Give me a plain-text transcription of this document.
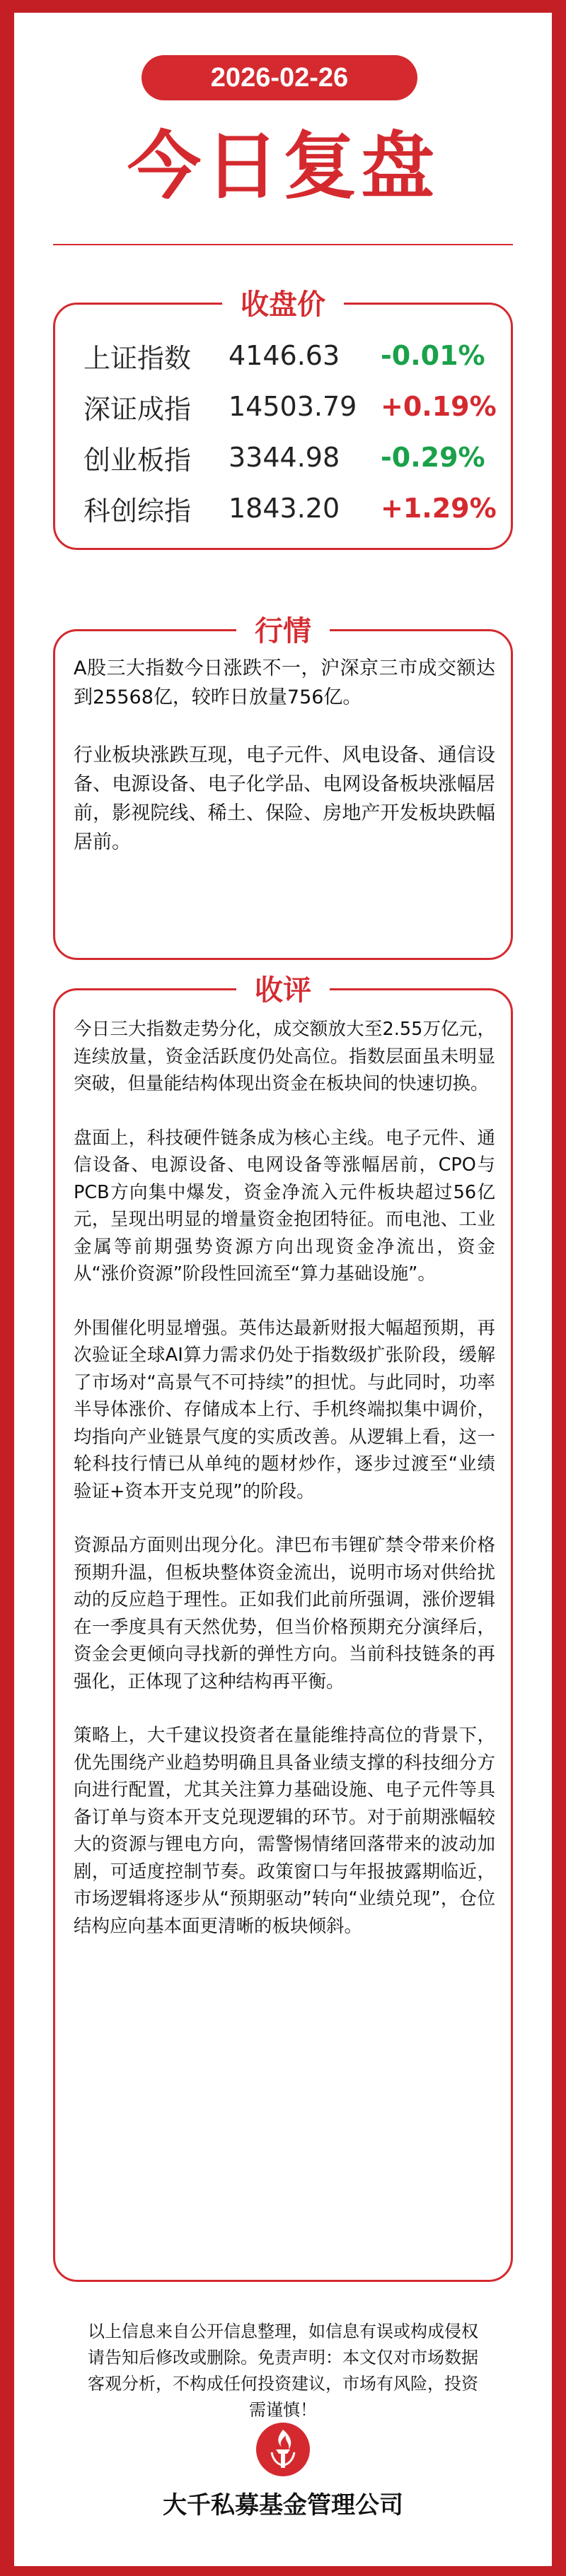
2026-02-26
今日复盘
收盘价
上证指数	4146.63	-0.01%
深证成指	14503.79 +0.19%
创业板指	3344.98	-0.29%
科创综指	1843.20	+1.29%
行情

A股三大指数今日涨跌不一，沪深京三市成交额达到25568亿，较昨日放量756亿。

行业板块涨跌互现，电子元件、风电设备、通信设备、电源设备、电子化学品、电网设备板块涨幅居前，影视院线、稀土、保险、房地产开发板块跌幅居前。

收评

今日三大指数走势分化，成交额放大至2.55万亿元，连续放量，资金活跃度仍处高位。指数层面虽未明显突破，但量能结构体现出资金在板块间的快速切换。

盘面上，科技硬件链条成为核心主线。电子元件、通信设备、电源设备、电网设备等涨幅居前，CPO与PCB方向集中爆发，资金净流入元件板块超过56亿元，呈现出明显的增量资金抱团特征。而电池、工业金属等前期强势资源方向出现资金净流出，资金从“涨价资源”阶段性回流至“算力基础设施”。

外围催化明显增强。英伟达最新财报大幅超预期，再次验证全球AI算力需求仍处于指数级扩张阶段，缓解了市场对“高景气不可持续”的担忧。与此同时，功率半导体涨价、存储成本上行、手机终端拟集中调价，均指向产业链景气度的实质改善。从逻辑上看，这一轮科技行情已从单纯的题材炒作，逐步过渡至“业绩验证+资本开支兑现”的阶段。

资源品方面则出现分化。津巴布韦锂矿禁令带来价格预期升温，但板块整体资金流出，说明市场对供给扰动的反应趋于理性。正如我们此前所强调，涨价逻辑在一季度具有天然优势，但当价格预期充分演绎后，资金会更倾向寻找新的弹性方向。当前科技链条的再强化，正体现了这种结构再平衡。

策略上，大千建议投资者在量能维持高位的背景下，优先围绕产业趋势明确且具备业绩支撑的科技细分方向进行配置，尤其关注算力基础设施、电子元件等具备订单与资本开支兑现逻辑的环节。对于前期涨幅较大的资源与锂电方向，需警惕情绪回落带来的波动加剧，可适度控制节奏。政策窗口与年报披露期临近，市场逻辑将逐步从“预期驱动”转向“业绩兑现”，仓位结构应向基本面更清晰的板块倾斜。

以上信息来自公开信息整理，如信息有误或构成侵权请告知后修改或删除。免责声明：本文仅对市场数据客观分析，不构成任何投资建议，市场有风险，投资需谨慎！
大千私募基金管理公司
